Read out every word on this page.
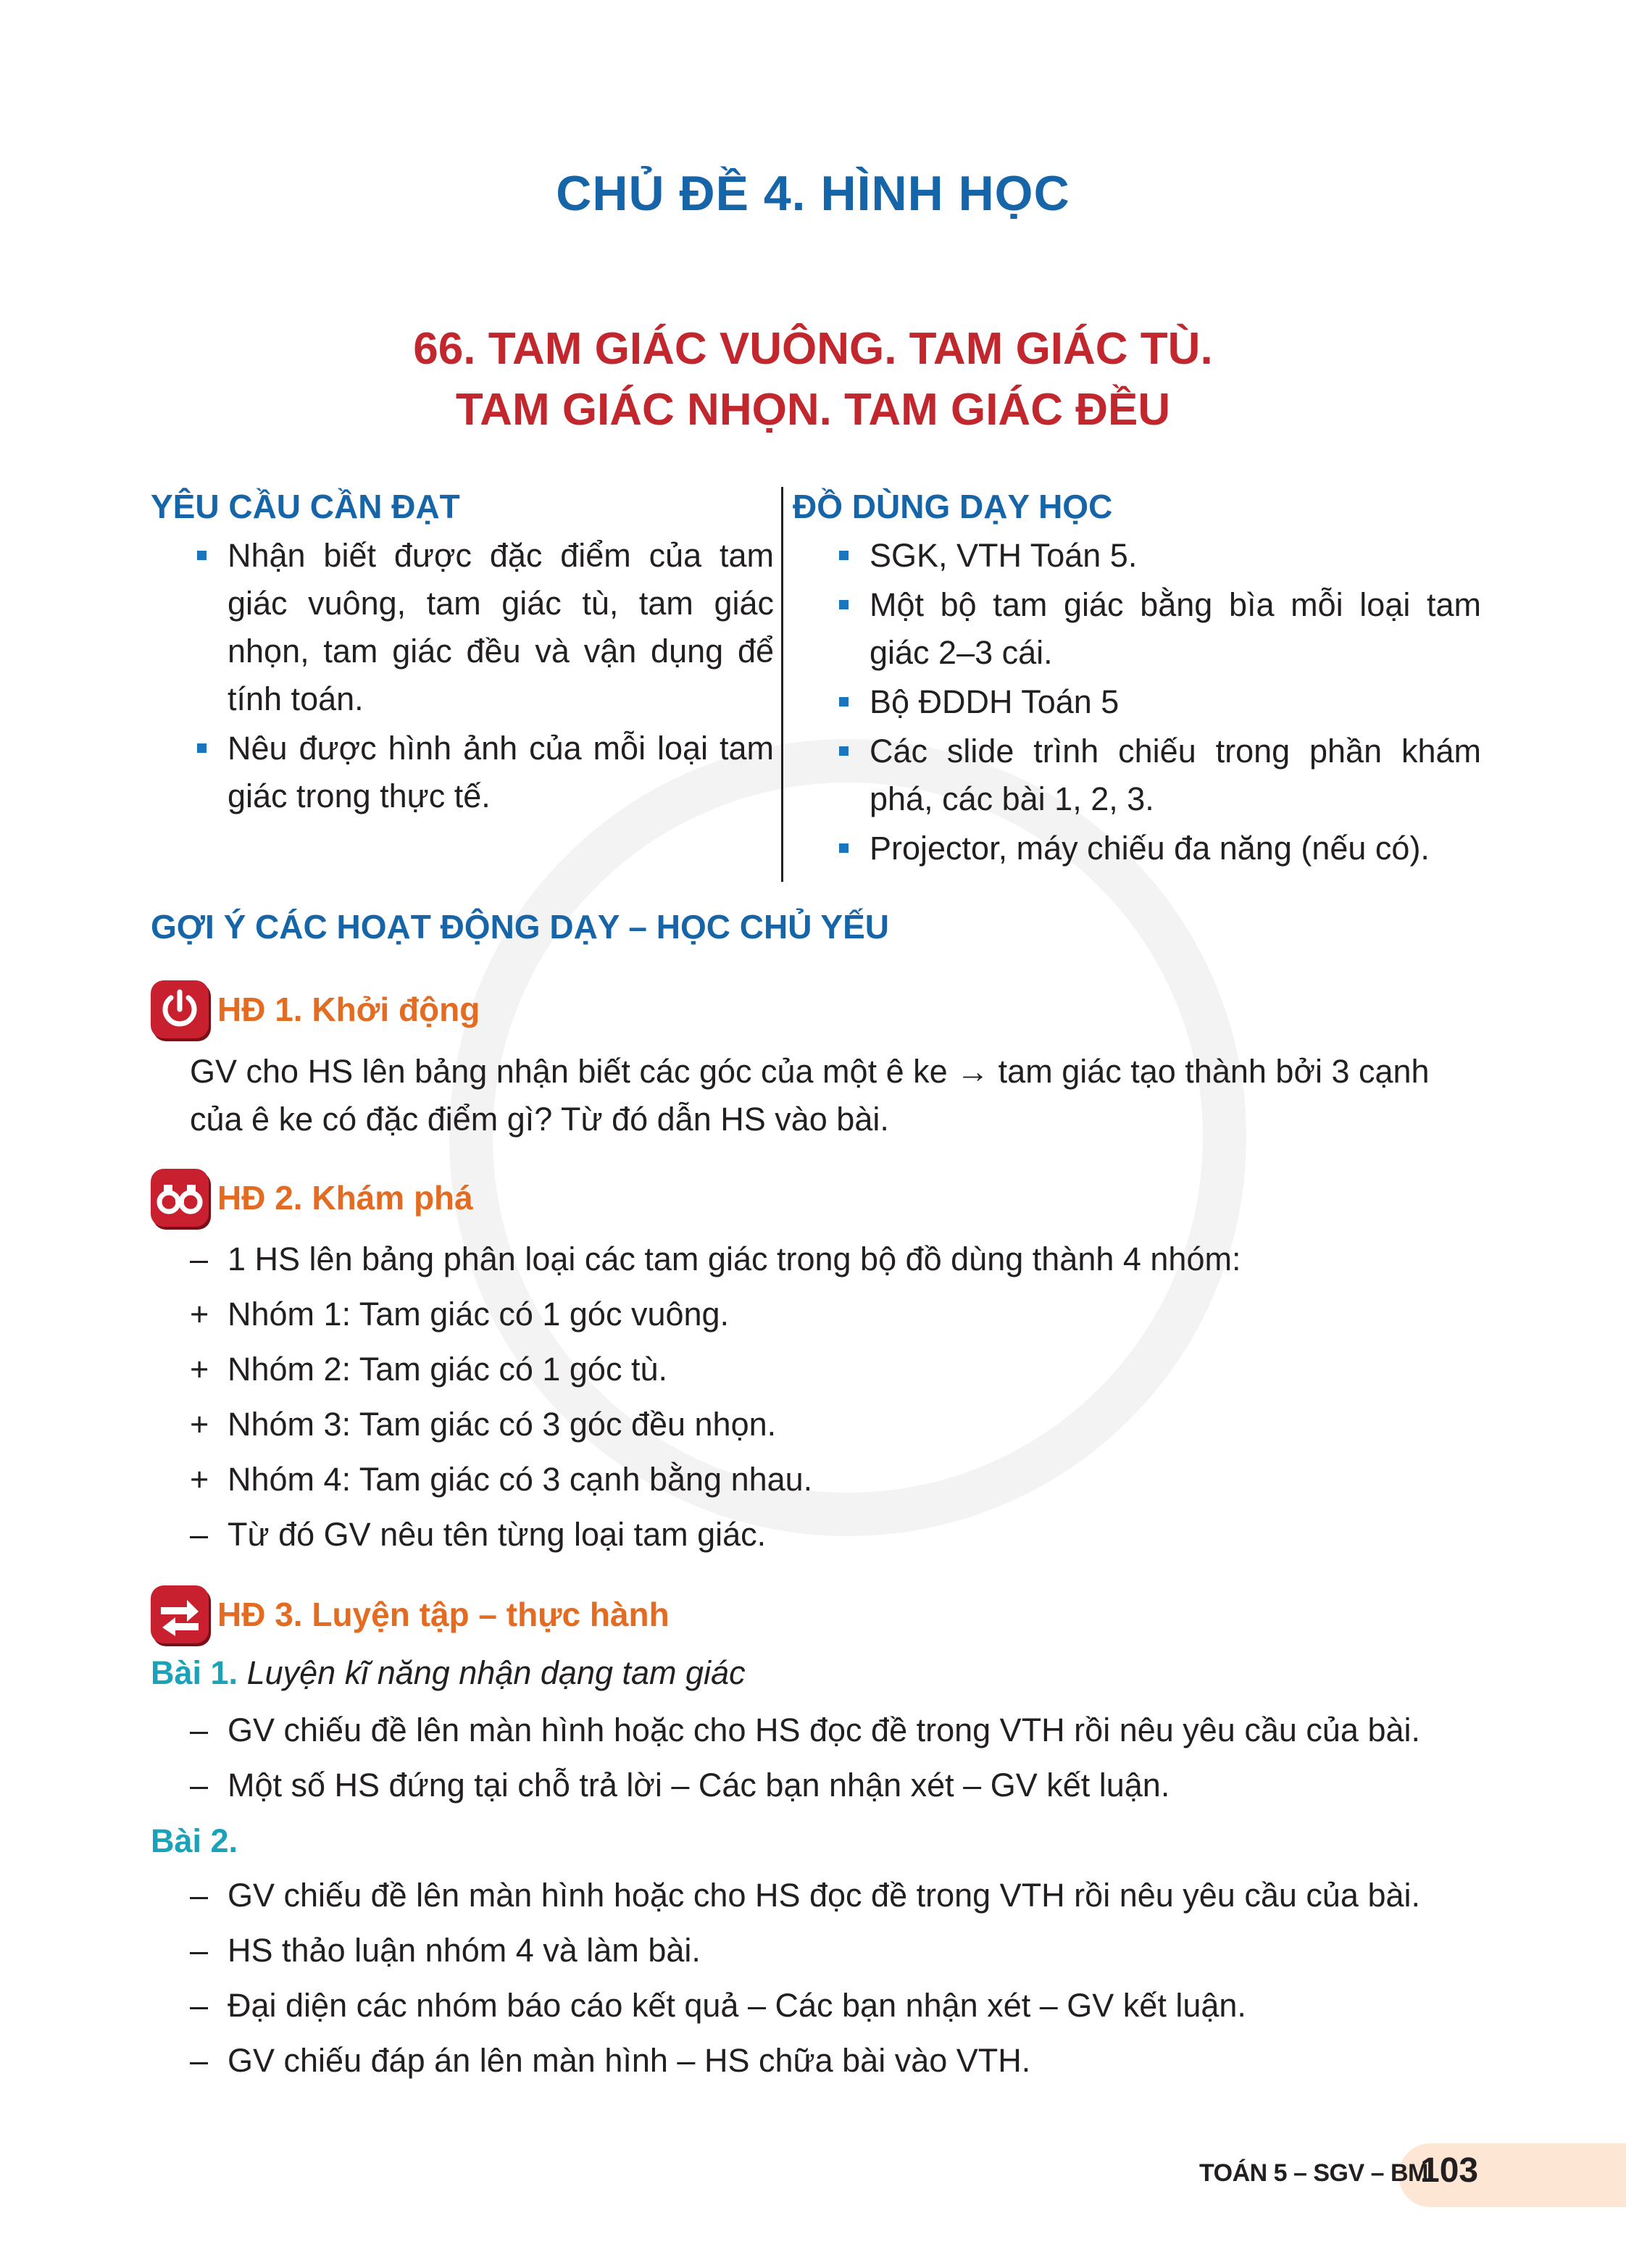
CHỦ ĐỀ 4. HÌNH HỌC
66. TAM GIÁC VUÔNG. TAM GIÁC TÙ.
TAM GIÁC NHỌN. TAM GIÁC ĐỀU
YÊU CẦU CẦN ĐẠT
Nhận biết được đặc điểm của tam giác vuông, tam giác tù, tam giác nhọn, tam giác đều và vận dụng để tính toán.
Nêu được hình ảnh của mỗi loại tam giác trong thực tế.
ĐỒ DÙNG DẠY HỌC
SGK, VTH Toán 5.
Một bộ tam giác bằng bìa mỗi loại tam giác 2–3 cái.
Bộ ĐDDH Toán 5
Các slide trình chiếu trong phần khám phá, các bài 1, 2, 3.
Projector, máy chiếu đa năng (nếu có).
GỢI Ý CÁC HOẠT ĐỘNG DẠY – HỌC CHỦ YẾU
HĐ 1. Khởi động
GV cho HS lên bảng nhận biết các góc của một ê ke → tam giác tạo thành bởi 3 cạnh
của ê ke có đặc điểm gì? Từ đó dẫn HS vào bài.
HĐ 2. Khám phá
– 1 HS lên bảng phân loại các tam giác trong bộ đồ dùng thành 4 nhóm:
+ Nhóm 1: Tam giác có 1 góc vuông.
+ Nhóm 2: Tam giác có 1 góc tù.
+ Nhóm 3: Tam giác có 3 góc đều nhọn.
+ Nhóm 4: Tam giác có 3 cạnh bằng nhau.
– Từ đó GV nêu tên từng loại tam giác.
HĐ 3. Luyện tập – thực hành
Bài 1. Luyện kĩ năng nhận dạng tam giác
– GV chiếu đề lên màn hình hoặc cho HS đọc đề trong VTH rồi nêu yêu cầu của bài.
– Một số HS đứng tại chỗ trả lời – Các bạn nhận xét – GV kết luận.
Bài 2.
– GV chiếu đề lên màn hình hoặc cho HS đọc đề trong VTH rồi nêu yêu cầu của bài.
– HS thảo luận nhóm 4 và làm bài.
– Đại diện các nhóm báo cáo kết quả – Các bạn nhận xét – GV kết luận.
– GV chiếu đáp án lên màn hình – HS chữa bài vào VTH.
TOÁN 5 – SGV – BM
103
